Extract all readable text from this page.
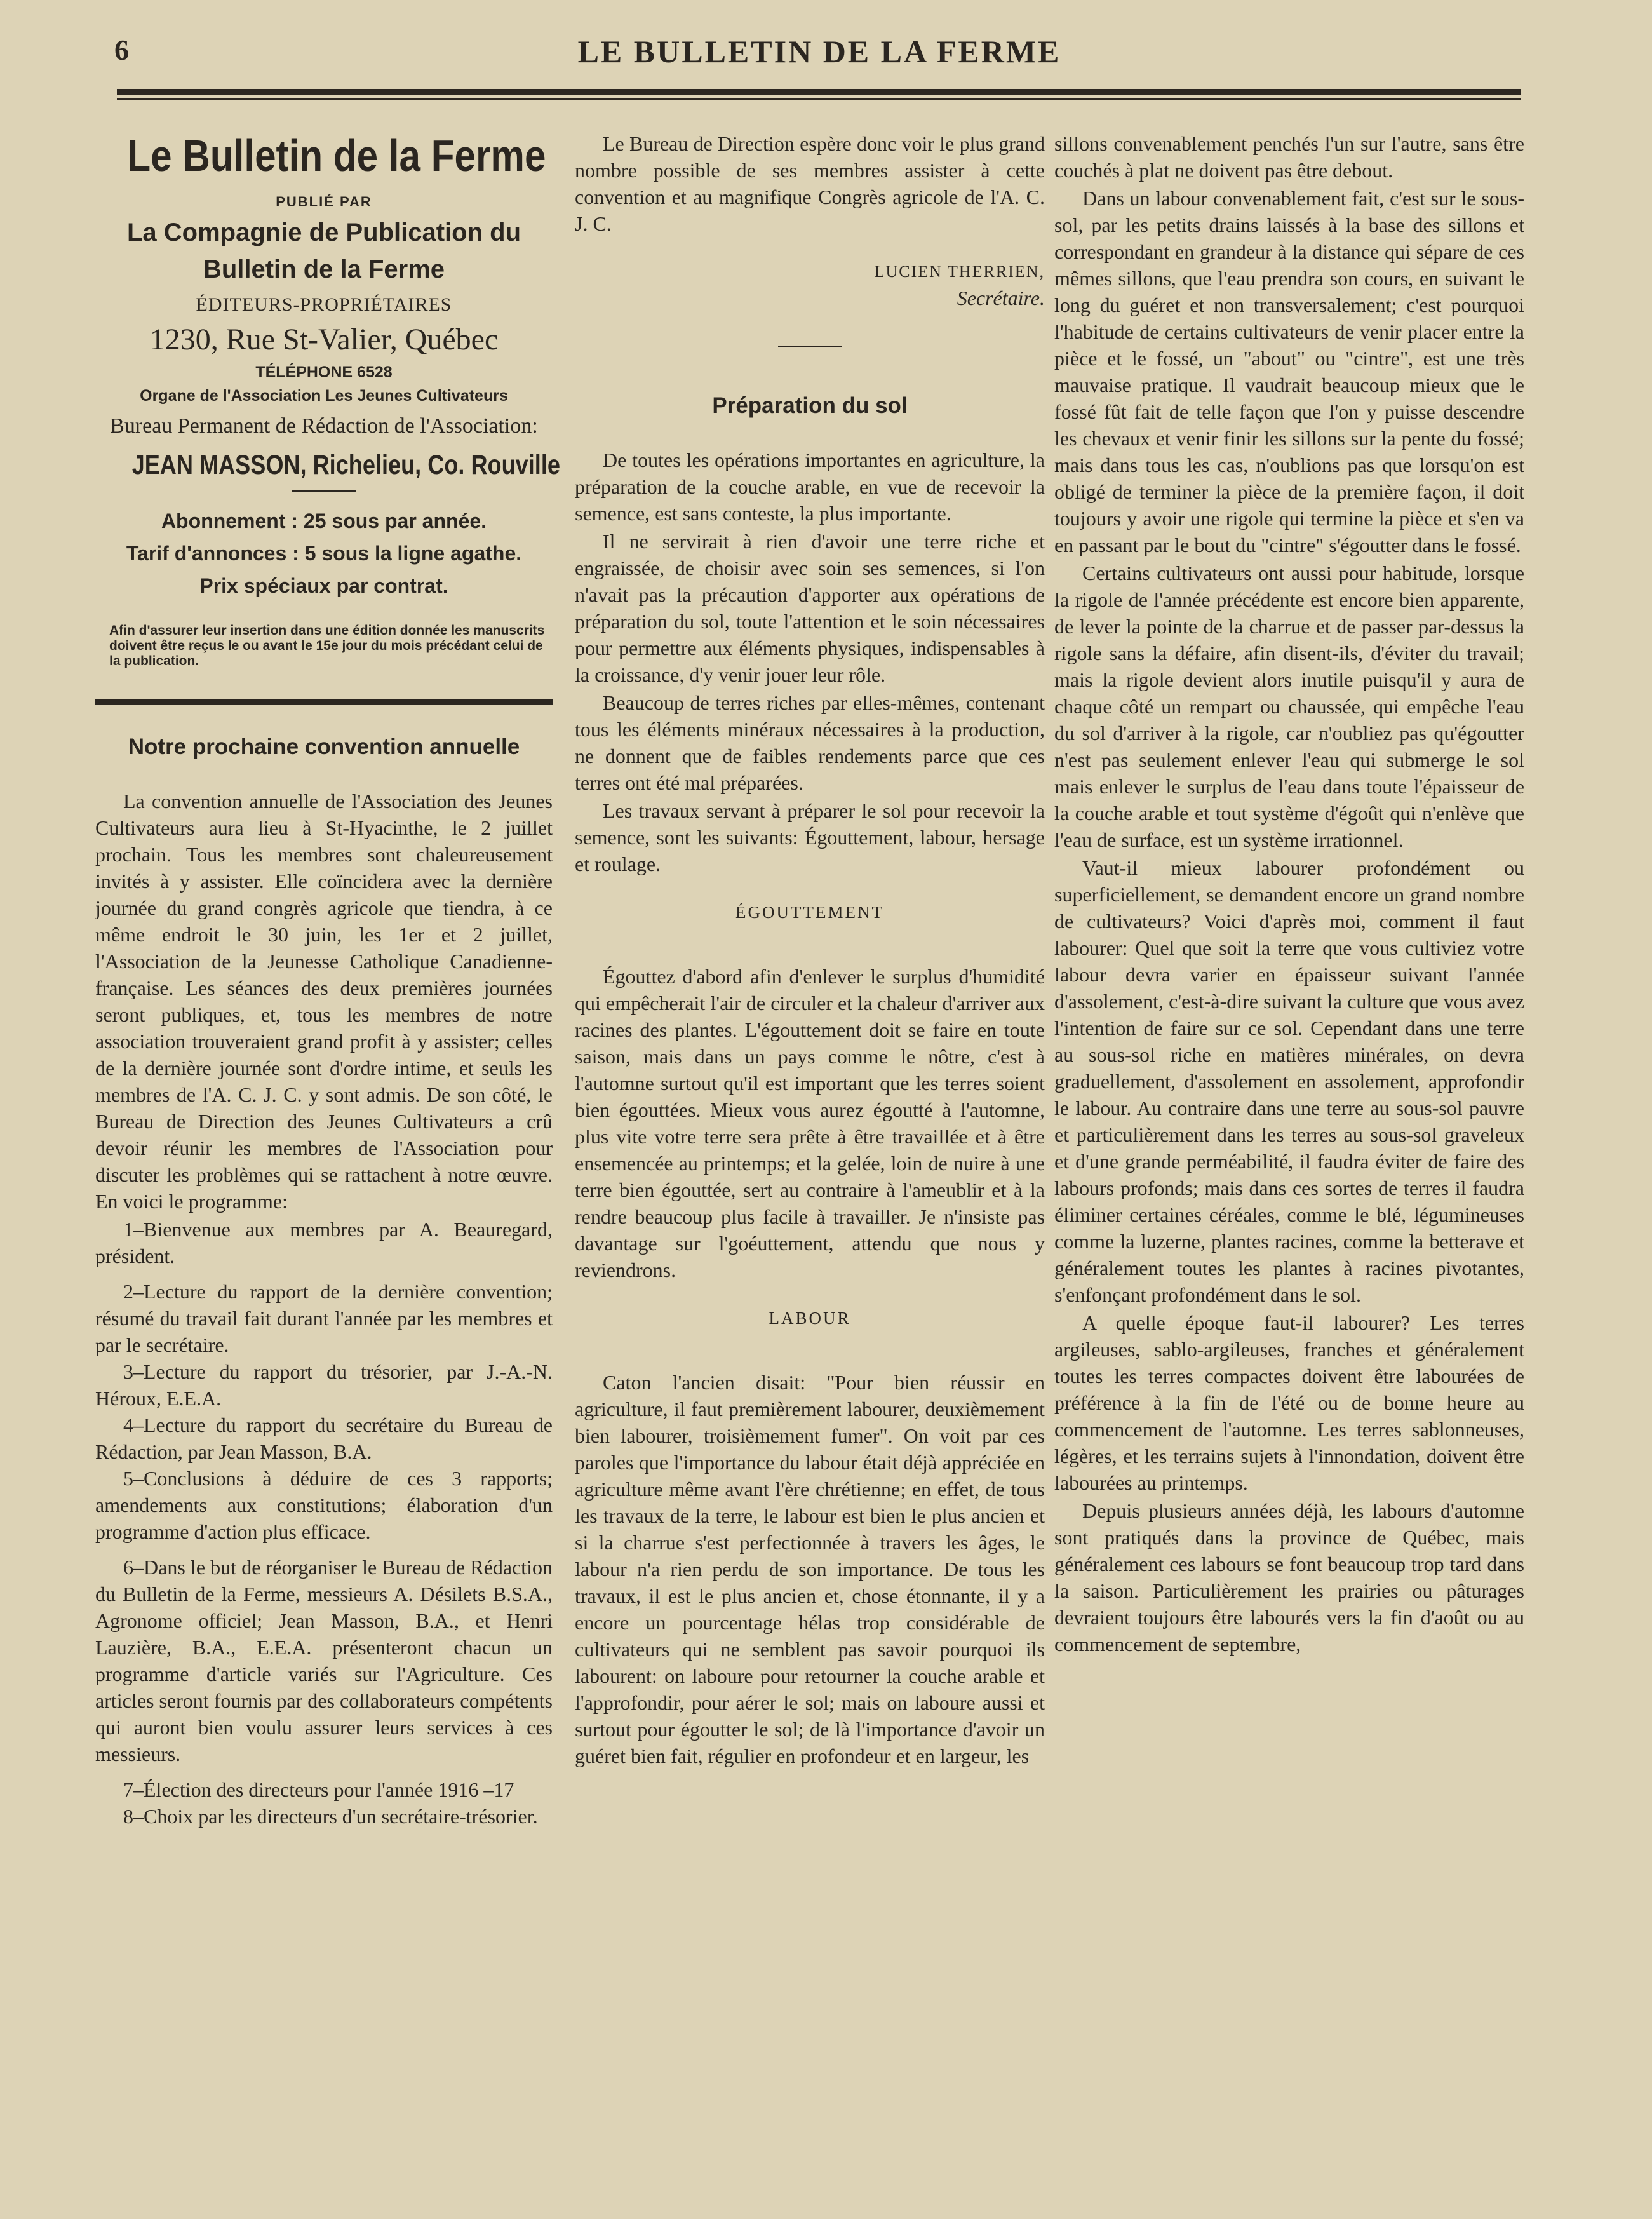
6	LE BULLETIN DE LA FERME
Le Bulletin de la Ferme
PUBLIÉ PAR
La Compagnie de Publication du Bulletin de la Ferme
ÉDITEURS-PROPRIÉTAIRES
1230, Rue St-Valier, Québec
TÉLÉPHONE 6528
Organe de l'Association Les Jeunes Cultivateurs
Bureau Permanent de Rédaction de l'Association:
JEAN MASSON, Richelieu, Co. Rouville
Abonnement : 25 sous par année.
Tarif d'annonces : 5 sous la ligne agathe.
Prix spéciaux par contrat.
Afin d'assurer leur insertion dans une édition donnée les manuscrits doivent être reçus le ou avant le 15e jour du mois précédant celui de la publication.
Notre prochaine convention annuelle

La convention annuelle de l'Association des Jeunes Cultivateurs aura lieu à St-Hyacinthe, le 2 juillet prochain. Tous les membres sont chaleureusement invités à y assister. Elle coïncidera avec la dernière journée du grand congrès agricole que tiendra, à ce même endroit le 30 juin, les 1er et 2 juillet, l'Association de la Jeunesse Catholique Canadienne-française. Les séances des deux premières journées seront publiques, et, tous les membres de notre association trouveraient grand profit à y assister; celles de la dernière journée sont d'ordre intime, et seuls les membres de l'A. C. J. C. y sont admis. De son côté, le Bureau de Direction des Jeunes Cultivateurs a crû devoir réunir les membres de l'Association pour discuter les problèmes qui se rattachent à notre œuvre. En voici le programme:

1–Bienvenue aux membres par A. Beauregard, président.

2–Lecture du rapport de la dernière convention; résumé du travail fait durant l'année par les membres et par le secrétaire.

3–Lecture du rapport du trésorier, par J.-A.-N. Héroux, E.E.A.

4–Lecture du rapport du secrétaire du Bureau de Rédaction, par Jean Masson, B.A.

5–Conclusions à déduire de ces 3 rapports; amendements aux constitutions; élaboration d'un programme d'action plus efficace.

6–Dans le but de réorganiser le Bureau de Rédaction du Bulletin de la Ferme, messieurs A. Désilets B.S.A., Agronome officiel; Jean Masson, B.A., et Henri Lauzière, B.A., E.E.A. présenteront chacun un programme d'article variés sur l'Agriculture. Ces articles seront fournis par des collaborateurs compétents qui auront bien voulu assurer leurs services à ces messieurs.

7–Élection des directeurs pour l'année 1916 –17

8–Choix par les directeurs d'un secrétaire-trésorier.

Le Bureau de Direction espère donc voir le plus grand nombre possible de ses membres assister à cette convention et au magnifique Congrès agricole de l'A. C. J. C.

LUCIEN THERRIEN,
Secrétaire.
Préparation du sol

De toutes les opérations importantes en agriculture, la préparation de la couche arable, en vue de recevoir la semence, est sans conteste, la plus importante.

Il ne servirait à rien d'avoir une terre riche et engraissée, de choisir avec soin ses semences, si l'on n'avait pas la précaution d'apporter aux opérations de préparation du sol, toute l'attention et le soin nécessaires pour permettre aux éléments physiques, indispensables à la croissance, d'y venir jouer leur rôle.

Beaucoup de terres riches par elles-mêmes, contenant tous les éléments minéraux nécessaires à la production, ne donnent que de faibles rendements parce que ces terres ont été mal préparées.

Les travaux servant à préparer le sol pour recevoir la semence, sont les suivants: Égouttement, labour, hersage et roulage.

ÉGOUTTEMENT

Égouttez d'abord afin d'enlever le surplus d'humidité qui empêcherait l'air de circuler et la chaleur d'arriver aux racines des plantes. L'égouttement doit se faire en toute saison, mais dans un pays comme le nôtre, c'est à l'automne surtout qu'il est important que les terres soient bien égouttées. Mieux vous aurez égoutté à l'automne, plus vite votre terre sera prête à être travaillée et à être ensemencée au printemps; et la gelée, loin de nuire à une terre bien égouttée, sert au contraire à l'ameublir et à la rendre beaucoup plus facile à travailler. Je n'insiste pas davantage sur l'goéuttement, attendu que nous y reviendrons.

LABOUR

Caton l'ancien disait: "Pour bien réussir en agriculture, il faut premièrement labourer, deuxièmement bien labourer, troisièmement fumer". On voit par ces paroles que l'importance du labour était déjà appréciée en agriculture même avant l'ère chrétienne; en effet, de tous les travaux de la terre, le labour est bien le plus ancien et si la charrue s'est perfectionnée à travers les âges, le labour n'a rien perdu de son importance. De tous les travaux, il est le plus ancien et, chose étonnante, il y a encore un pourcentage hélas trop considérable de cultivateurs qui ne semblent pas savoir pourquoi ils labourent: on laboure pour retourner la couche arable et l'approfondir, pour aérer le sol; mais on laboure aussi et surtout pour égoutter le sol; de là l'importance d'avoir un guéret bien fait, régulier en profondeur et en largeur, les

sillons convenablement penchés l'un sur l'autre, sans être couchés à plat ne doivent pas être debout.

Dans un labour convenablement fait, c'est sur le sous-sol, par les petits drains laissés à la base des sillons et correspondant en grandeur à la distance qui sépare de ces mêmes sillons, que l'eau prendra son cours, en suivant le long du guéret et non transversalement; c'est pourquoi l'habitude de certains cultivateurs de venir placer entre la pièce et le fossé, un "about" ou "cintre", est une très mauvaise pratique. Il vaudrait beaucoup mieux que le fossé fût fait de telle façon que l'on y puisse descendre les chevaux et venir finir les sillons sur la pente du fossé; mais dans tous les cas, n'oublions pas que lorsqu'on est obligé de terminer la pièce de la première façon, il doit toujours y avoir une rigole qui termine la pièce et s'en va en passant par le bout du "cintre" s'égoutter dans le fossé.

Certains cultivateurs ont aussi pour habitude, lorsque la rigole de l'année précédente est encore bien apparente, de lever la pointe de la charrue et de passer par-dessus la rigole sans la défaire, afin disent-ils, d'éviter du travail; mais la rigole devient alors inutile puisqu'il y aura de chaque côté un rempart ou chaussée, qui empêche l'eau du sol d'arriver à la rigole, car n'oubliez pas qu'égoutter n'est pas seulement enlever l'eau qui submerge le sol mais enlever le surplus de l'eau dans toute l'épaisseur de la couche arable et tout système d'égoût qui n'enlève que l'eau de surface, est un système irrationnel.

Vaut-il mieux labourer profondément ou superficiellement, se demandent encore un grand nombre de cultivateurs? Voici d'après moi, comment il faut labourer: Quel que soit la terre que vous cultiviez votre labour devra varier en épaisseur suivant l'année d'assolement, c'est-à-dire suivant la culture que vous avez l'intention de faire sur ce sol. Cependant dans une terre au sous-sol riche en matières minérales, on devra graduellement, d'assolement en assolement, approfondir le labour. Au contraire dans une terre au sous-sol pauvre et particulièrement dans les terres au sous-sol graveleux et d'une grande perméabilité, il faudra éviter de faire des labours profonds; mais dans ces sortes de terres il faudra éliminer certaines céréales, comme le blé, légumineuses comme la luzerne, plantes racines, comme la betterave et généralement toutes les plantes à racines pivotantes, s'enfonçant profondément dans le sol.

A quelle époque faut-il labourer? Les terres argileuses, sablo-argileuses, franches et généralement toutes les terres compactes doivent être labourées de préférence à la fin de l'été ou de bonne heure au commencement de l'automne. Les terres sablonneuses, légères, et les terrains sujets à l'innondation, doivent être labourées au printemps.

Depuis plusieurs années déjà, les labours d'automne sont pratiqués dans la province de Québec, mais généralement ces labours se font beaucoup trop tard dans la saison. Particulièrement les prairies ou pâturages devraient toujours être labourés vers la fin d'août ou au commencement de septembre,
